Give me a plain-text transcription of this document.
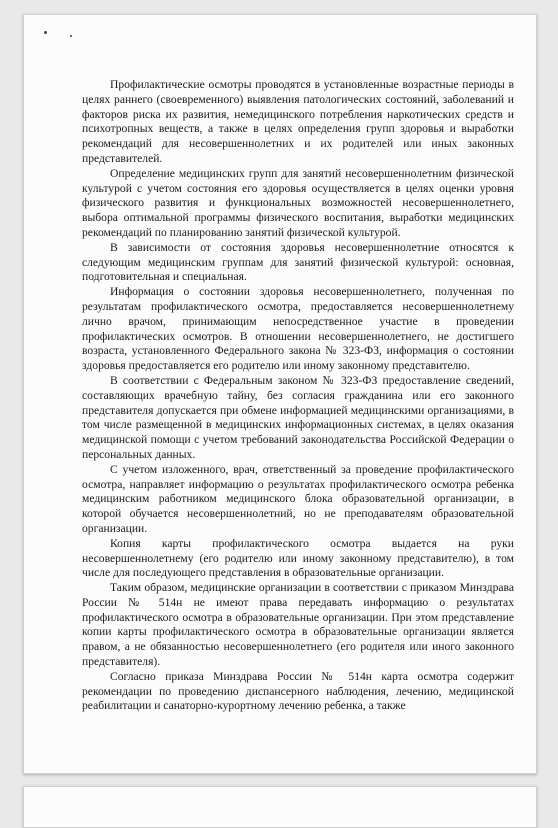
Профилактические осмотры проводятся в установленные возрастные периоды в целях раннего (своевременного) выявления патологических состояний, заболеваний и факторов риска их развития, немедицинского потребления наркотических средств и психотропных веществ, а также в целях определения групп здоровья и выработки рекомендаций для несовершеннолетних и их родителей или иных законных представителей.

Определение медицинских групп для занятий несовершеннолетним физической культурой с учетом состояния его здоровья осуществляется в целях оценки уровня физического развития и функциональных возможностей несовершеннолетнего, выбора оптимальной программы физического воспитания, выработки медицинских рекомендаций по планированию занятий физической культурой.

В зависимости от состояния здоровья несовершеннолетние относятся к следующим медицинским группам для занятий физической культурой: основная, подготовительная и специальная.

Информация о состоянии здоровья несовершеннолетнего, полученная по результатам профилактического осмотра, предоставляется несовершеннолетнему лично врачом, принимающим непосредственное участие в проведении профилактических осмотров. В отношении несовершеннолетнего, не достигшего возраста, установленного Федерального закона № 323-ФЗ, информация о состоянии здоровья предоставляется его родителю или иному законному представителю.

В соответствии с Федеральным законом № 323-ФЗ предоставление сведений, составляющих врачебную тайну, без согласия гражданина или его законного представителя допускается при обмене информацией медицинскими организациями, в том числе размещенной в медицинских информационных системах, в целях оказания медицинской помощи с учетом требований законодательства Российской Федерации о персональных данных.

С учетом изложенного, врач, ответственный за проведение профилактического осмотра, направляет информацию о результатах профилактического осмотра ребенка медицинским работником медицинского блока образовательной организации, в которой обучается несовершеннолетний, но не преподавателям образовательной организации.

Копия карты профилактического осмотра выдается на руки несовершеннолетнему (его родителю или иному законному представителю), в том числе для последующего представления в образовательные организации.

Таким образом, медицинские организации в соответствии с приказом Минздрава России № 514н не имеют права передавать информацию о результатах профилактического осмотра в образовательные организации. При этом представление копии карты профилактического осмотра в образовательные организации является правом, а не обязанностью несовершеннолетнего (его родителя или иного законного представителя).

Согласно приказа Минздрава России № 514н карта осмотра содержит рекомендации по проведению диспансерного наблюдения, лечению, медицинской реабилитации и санаторно-курортному лечению ребенка, а также
